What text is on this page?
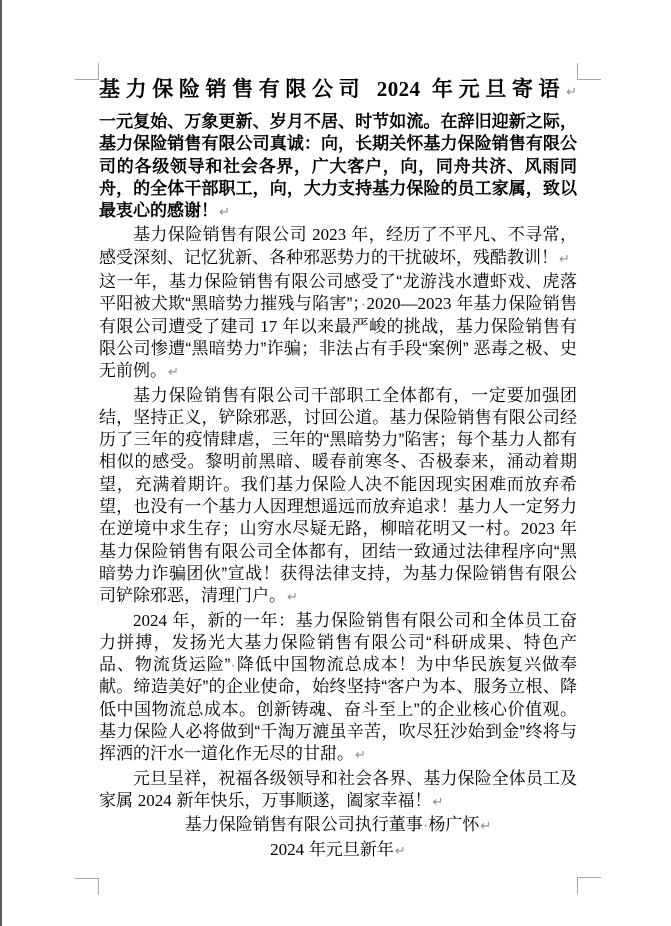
基力保险销售有限公司 2024 年元旦寄语↵

一元复始、万象更新、岁月不居、时节如流。在辞旧迎新之际，基力保险销售有限公司真诚：向，长期关怀基力保险销售有限公司的各级领导和社会各界，广大客户，向，同舟共济、风雨同舟，的全体干部职工，向，大力支持基力保险的员工家属，致以最衷心的感谢！↵

基力保险销售有限公司 2023 年，经历了不平凡、不寻常，感受深刻、记忆犹新、各种邪恶势力的干扰破坏，残酷教训！↵

这一年，基力保险销售有限公司感受了“龙游浅水遭虾戏、虎落平阳被犬欺“黑暗势力摧残与陷害”；·2020—2023 年基力保险销售有限公司遭受了建司 17 年以来最严峻的挑战，基力保险销售有限公司惨遭“黑暗势力”诈骗；非法占有手段“案例” 恶毒之极、史无前例。↵

基力保险销售有限公司干部职工全体都有，一定要加强团结，坚持正义，铲除邪恶，讨回公道。基力保险销售有限公司经历了三年的疫情肆虐，三年的“黑暗势力”陷害；每个基力人都有相似的感受。黎明前黑暗、暖春前寒冬、否极泰来，涌动着期望，充满着期许。我们基力保险人决不能因现实困难而放弃希望，也没有一个基力人因理想遥远而放弃追求！基力人一定努力在逆境中求生存；山穷水尽疑无路，柳暗花明又一村。2023 年基力保险销售有限公司全体都有，团结一致通过法律程序向“黑暗势力诈骗团伙”宣战！获得法律支持，为基力保险销售有限公司铲除邪恶，清理门户。↵

2024 年，新的一年：基力保险销售有限公司和全体员工奋力拼搏，发扬光大基力保险销售有限公司“科研成果、特色产品、物流货运险”·降低中国物流总成本！为中华民族复兴做奉献。缔造美好”的企业使命，始终坚持“客户为本、服务立根、降低中国物流总成本。创新铸魂、奋斗至上”的企业核心价值观。基力保险人必将做到“千淘万漉虽辛苦，吹尽狂沙始到金”终将与挥洒的汗水一道化作无尽的甘甜。↵

元旦呈祥，祝福各级领导和社会各界、基力保险全体员工及家属 2024 新年快乐，万事顺遂，阖家幸福！↵

基力保险销售有限公司执行董事·杨广怀↵

2024 年元旦新年↵
